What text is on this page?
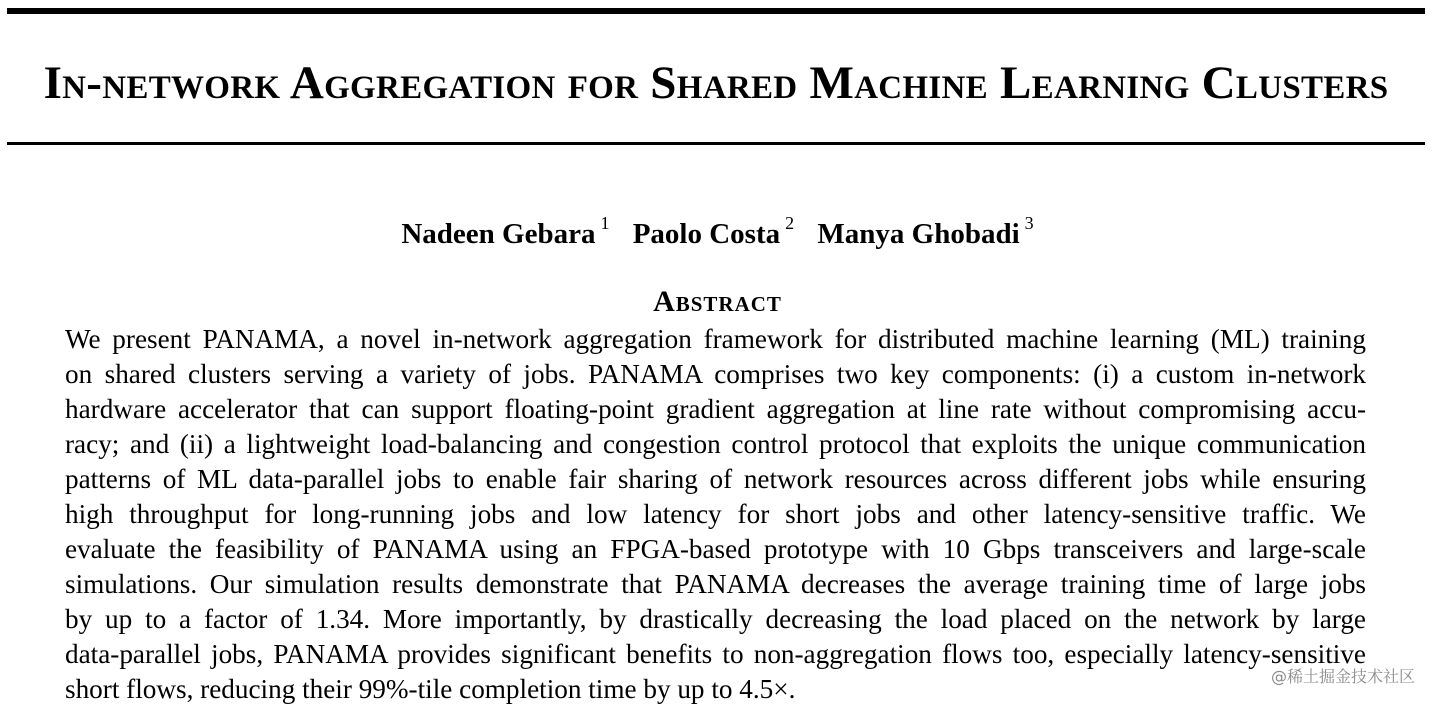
In-network Aggregation for Shared Machine Learning Clusters
Nadeen Gebara $^1$ Paolo Costa $^2$ Manya Ghobadi $^3$
Abstract
We present PANAMA, a novel in-network aggregation framework for distributed machine learning (ML) training
on shared clusters serving a variety of jobs. PANAMA comprises two key components: (i) a custom in-network
hardware accelerator that can support floating-point gradient aggregation at line rate without compromising accu-
racy; and (ii) a lightweight load-balancing and congestion control protocol that exploits the unique communication
patterns of ML data-parallel jobs to enable fair sharing of network resources across different jobs while ensuring
high throughput for long-running jobs and low latency for short jobs and other latency-sensitive traffic. We
evaluate the feasibility of PANAMA using an FPGA-based prototype with 10 Gbps transceivers and large-scale
simulations. Our simulation results demonstrate that PANAMA decreases the average training time of large jobs
by up to a factor of 1.34. More importantly, by drastically decreasing the load placed on the network by large
data-parallel jobs, PANAMA provides significant benefits to non-aggregation flows too, especially latency-sensitive
short flows, reducing their 99%-tile completion time by up to 4.5×.	@稀土掘金技术社区
